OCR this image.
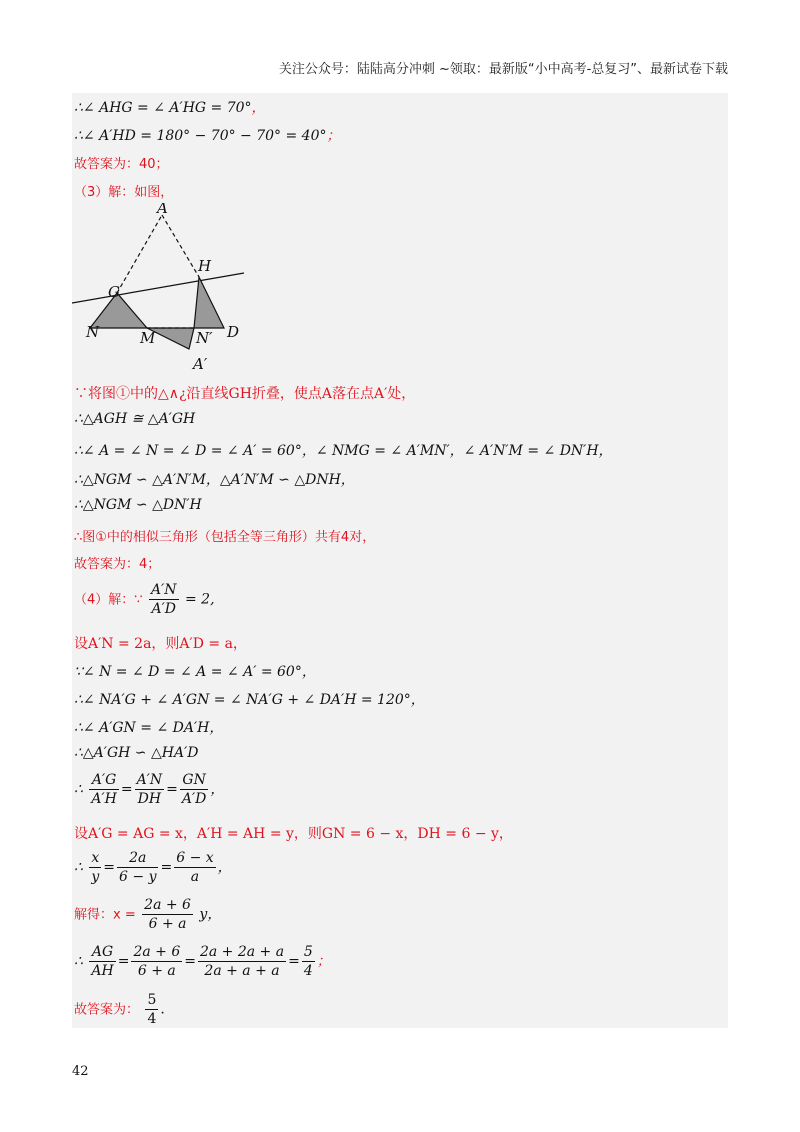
关注公众号：陆陆高分冲刺 ~领取：最新版“小中高考-总复习”、最新试卷下载
∴∠ AHG = ∠ A′HG = 70°，
∴∠ A′HD = 180° − 70° − 70° = 40°；
故答案为：40；
（3）解：如图，
A
H
G
N	M	N′ D
A′
∵将图①中的△∧¿沿直线GH折叠，使点A落在点A′处，
∴△AGH ≅ △A′GH
∴∠ A = ∠ N = ∠ D = ∠ A′ = 60°，∠ NMG = ∠ A′MN′，∠ A′N′M = ∠ DN′H，
∴△NGM ∽ △A′N′M，△A′N′M ∽ △DNH，
∴△NGM ∽ △DN′H
∴图①中的相似三角形（包括全等三角形）共有4对，
故答案为：4；
（4）解：∵ $\frac{A'N}{A'D} = 2$,
设A′N = 2a，则A′D = a，
∵∠ N = ∠ D = ∠ A = ∠ A′ = 60°，
∴∠ NA′G + ∠ A′GN = ∠ NA′G + ∠ DA′H = 120°，
∴∠ A′GN = ∠ DA′H，
∴△A′GH ∽ △HA′D
∴ $\frac{A'G}{A'H} = \frac{A'N}{DH} = \frac{GN}{A'D}$ ，
设A′G = AG = x，A′H = AH = y，则GN = 6 − x，DH = 6 − y，
∴ $\frac{x}{y} = \frac{2a}{6 - y} = \frac{6 - x}{a}$ ，
解得：$x = \frac{2a + 6}{6 + a}$ y，
∴ $\frac{AG}{AH} = \frac{2a + 6}{6 + a} = \frac{2a + 2a + a}{2a + a + a} = \frac{5}{4}$ ；
故答案为： $\frac{5}{4}$ .
42
